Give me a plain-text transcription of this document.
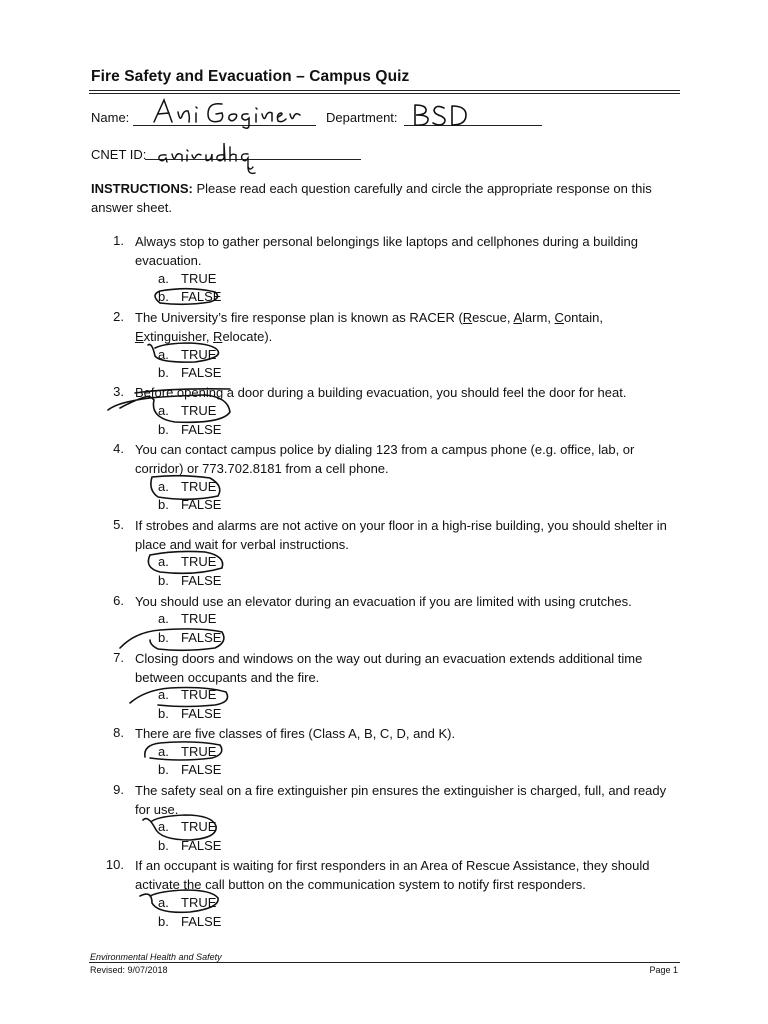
Fire Safety and Evacuation – Campus Quiz
Name:	Department:
CNET ID:
INSTRUCTIONS: Please read each question carefully and circle the appropriate response on this answer sheet.
1. Always stop to gather personal belongings like laptops and cellphones during a building evacuation.
a. TRUE
b. FALSE
2. The University’s fire response plan is known as RACER (Rescue, Alarm, Contain, Extinguisher, Relocate).
a. TRUE
b. FALSE
3. Before opening a door during a building evacuation, you should feel the door for heat.
a. TRUE
b. FALSE
4. You can contact campus police by dialing 123 from a campus phone (e.g. office, lab, or corridor) or 773.702.8181 from a cell phone.
a. TRUE
b. FALSE
5. If strobes and alarms are not active on your floor in a high-rise building, you should shelter in place and wait for verbal instructions.
a. TRUE
b. FALSE
6. You should use an elevator during an evacuation if you are limited with using crutches.
a. TRUE
b. FALSE
7. Closing doors and windows on the way out during an evacuation extends additional time between occupants and the fire.
a. TRUE
b. FALSE
8. There are five classes of fires (Class A, B, C, D, and K).
a. TRUE
b. FALSE
9. The safety seal on a fire extinguisher pin ensures the extinguisher is charged, full, and ready for use.
a. TRUE
b. FALSE
10. If an occupant is waiting for first responders in an Area of Rescue Assistance, they should activate the call button on the communication system to notify first responders.
a. TRUE
b. FALSE
Environmental Health and Safety
Revised: 9/07/2018	Page 1
